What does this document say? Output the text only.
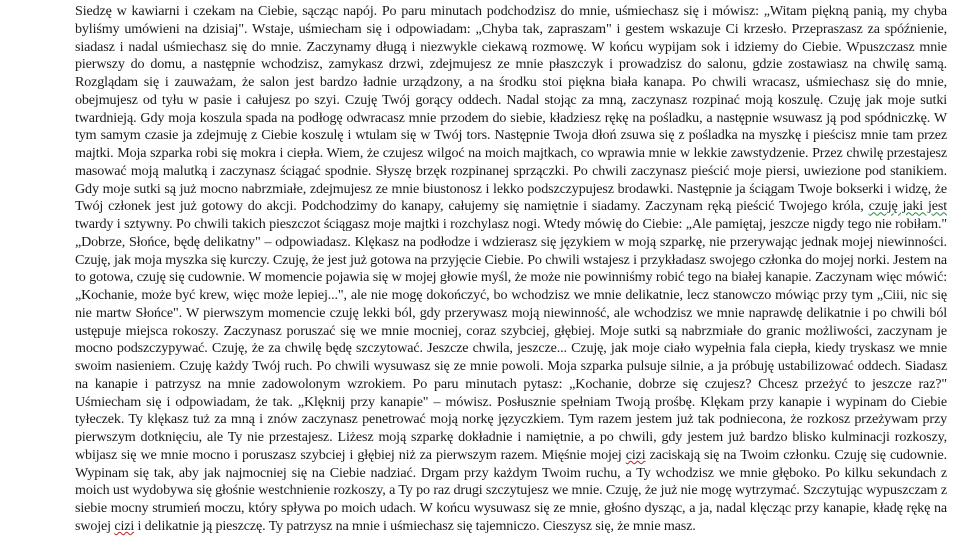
Siedzę w kawiarni i czekam na Ciebie, sącząc napój. Po paru minutach podchodzisz do mnie, uśmiechasz się i mówisz: „Witam piękną panią, my chyba byliśmy umówieni na dzisiaj". Wstaje, uśmiecham się i odpowiadam: „Chyba tak, zapraszam" i gestem wskazuje Ci krzesło. Przepraszasz za spóźnienie, siadasz i nadal uśmiechasz się do mnie. Zaczynamy długą i niezwykle ciekawą rozmowę. W końcu wypijam sok i idziemy do Ciebie. Wpuszczasz mnie pierwszy do domu, a następnie wchodzisz, zamykasz drzwi, zdejmujesz ze mnie płaszczyk i prowadzisz do salonu, gdzie zostawiasz na chwilę samą. Rozglądam się i zauważam, że salon jest bardzo ładnie urządzony, a na środku stoi piękna biała kanapa. Po chwili wracasz, uśmiechasz się do mnie, obejmujesz od tyłu w pasie i całujesz po szyi. Czuję Twój gorący oddech. Nadal stojąc za mną, zaczynasz rozpinać moją koszulę. Czuję jak moje sutki twardnieją. Gdy moja koszula spada na podłogę odwracasz mnie przodem do siebie, kładziesz rękę na pośladku, a następnie wsuwasz ją pod spódniczkę. W tym samym czasie ja zdejmuję z Ciebie koszulę i wtulam się w Twój tors. Następnie Twoja dłoń zsuwa się z pośladka na myszkę i pieścisz mnie tam przez majtki. Moja szparka robi się mokra i ciepła. Wiem, że czujesz wilgoć na moich majtkach, co wprawia mnie w lekkie zawstydzenie. Przez chwilę przestajesz masować moją malutką i zaczynasz ściągać spodnie. Słyszę brzęk rozpinanej sprzączki. Po chwili zaczynasz pieścić moje piersi, uwiezione pod stanikiem. Gdy moje sutki są już mocno nabrzmiałe, zdejmujesz ze mnie biustonosz i lekko podszczypujesz brodawki. Następnie ja ściągam Twoje bokserki i widzę, że Twój członek jest już gotowy do akcji. Podchodzimy do kanapy, całujemy się namiętnie i siadamy. Zaczynam ręką pieścić Twojego króla, czuję jaki jest twardy i sztywny. Po chwili takich pieszczot ściągasz moje majtki i rozchylasz nogi. Wtedy mówię do Ciebie: „Ale pamiętaj, jeszcze nigdy tego nie robiłam." „Dobrze, Słońce, będę delikatny" – odpowiadasz. Klękasz na podłodze i wdzierasz się językiem w moją szparkę, nie przerywając jednak mojej niewinności. Czuję, jak moja myszka się kurczy. Czuję, że jest już gotowa na przyjęcie Ciebie. Po chwili wstajesz i przykładasz swojego członka do mojej norki. Jestem na to gotowa, czuję się cudownie. W momencie pojawia się w mojej głowie myśl, że może nie powinniśmy robić tego na białej kanapie. Zaczynam więc mówić: „Kochanie, może być krew, więc może lepiej...", ale nie mogę dokończyć, bo wchodzisz we mnie delikatnie, lecz stanowczo mówiąc przy tym „Ciii, nic się nie martw Słońce". W pierwszym momencie czuję lekki ból, gdy przerywasz moją niewinność, ale wchodzisz we mnie naprawdę delikatnie i po chwili ból ustępuje miejsca rokoszy. Zaczynasz poruszać się we mnie mocniej, coraz szybciej, głębiej. Moje sutki są nabrzmiałe do granic możliwości, zaczynam je mocno podszczypywać. Czuję, że za chwilę będę szczytować. Jeszcze chwila, jeszcze... Czuję, jak moje ciało wypełnia fala ciepła, kiedy tryskasz we mnie swoim nasieniem. Czuję każdy Twój ruch. Po chwili wysuwasz się ze mnie powoli. Moja szparka pulsuje silnie, a ja próbuję ustabilizować oddech. Siadasz na kanapie i patrzysz na mnie zadowolonym wzrokiem. Po paru minutach pytasz: „Kochanie, dobrze się czujesz? Chcesz przeżyć to jeszcze raz?" Uśmiecham się i odpowiadam, że tak. „Klęknij przy kanapie" – mówisz. Posłusznie spełniam Twoją prośbę. Klękam przy kanapie i wypinam do Ciebie tyłeczek. Ty klękasz tuż za mną i znów zaczynasz penetrować moją norkę języczkiem. Tym razem jestem już tak podniecona, że rozkosz przeżywam przy pierwszym dotknięciu, ale Ty nie przestajesz. Liżesz moją szparkę dokładnie i namiętnie, a po chwili, gdy jestem już bardzo blisko kulminacji rozkoszy, wbijasz się we mnie mocno i poruszasz szybciej i głębiej niż za pierwszym razem. Mięśnie mojej cizi zaciskają się na Twoim członku. Czuję się cudownie. Wypinam się tak, aby jak najmocniej się na Ciebie nadziać. Drgam przy każdym Twoim ruchu, a Ty wchodzisz we mnie głęboko. Po kilku sekundach z moich ust wydobywa się głośnie westchnienie rozkoszy, a Ty po raz drugi szczytujesz we mnie. Czuję, że już nie mogę wytrzymać. Szczytując wypuszczam z siebie mocny strumień moczu, który spływa po moich udach. W końcu wysuwasz się ze mnie, głośno dysząc, a ja, nadal klęcząc przy kanapie, kładę rękę na swojej cizi i delikatnie ją pieszczę. Ty patrzysz na mnie i uśmiechasz się tajemniczo. Cieszysz się, że mnie masz.
